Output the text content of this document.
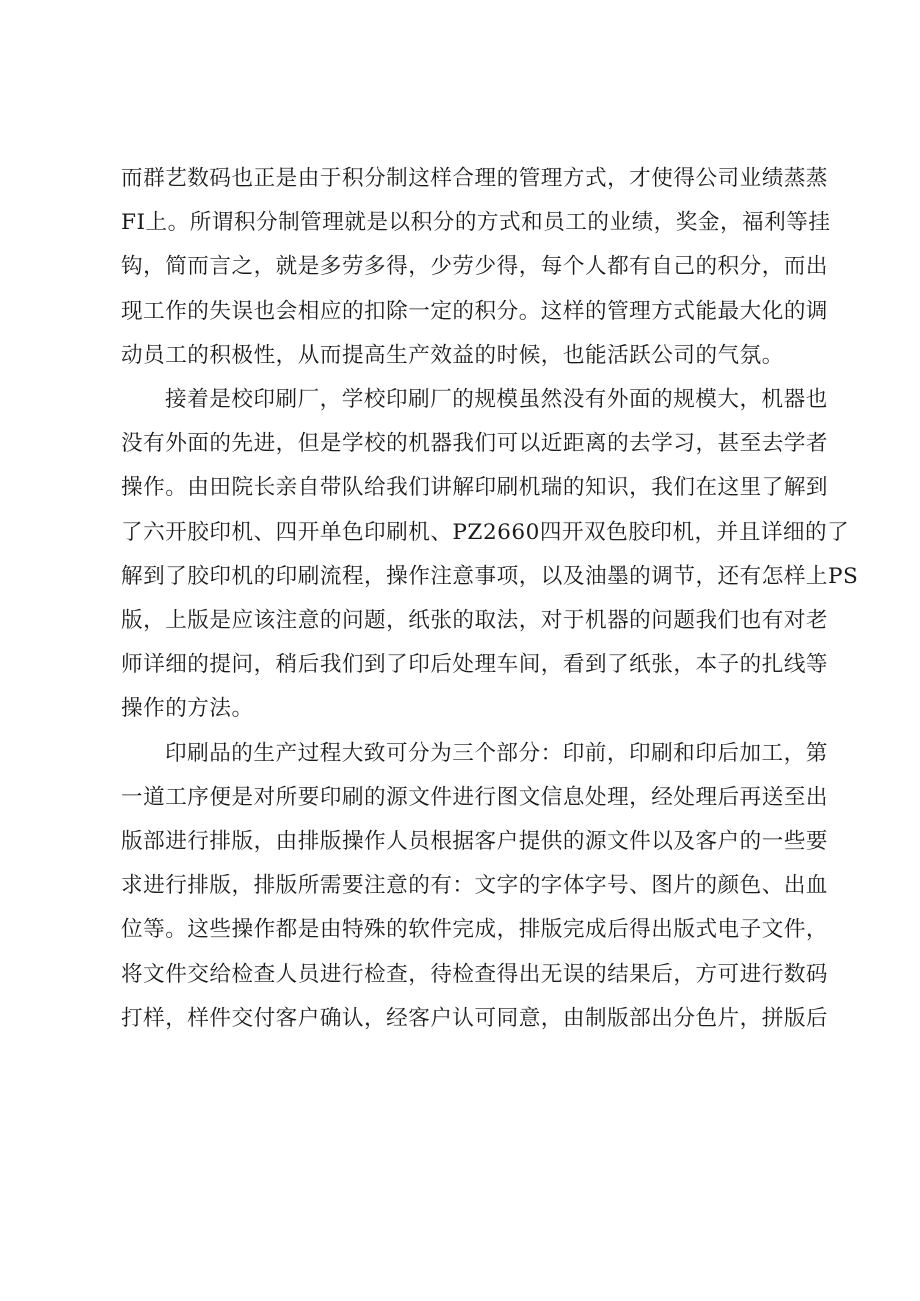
而群艺数码也正是由于积分制这样合理的管理方式，才使得公司业绩蒸蒸
FI上。所谓积分制管理就是以积分的方式和员工的业绩，奖金，福利等挂
钩，简而言之，就是多劳多得，少劳少得，每个人都有自己的积分，而出
现工作的失误也会相应的扣除一定的积分。这样的管理方式能最大化的调
动员工的积极性，从而提高生产效益的时候，也能活跃公司的气氛。

接着是校印刷厂，学校印刷厂的规模虽然没有外面的规模大，机器也
没有外面的先进，但是学校的机器我们可以近距离的去学习，甚至去学者
操作。由田院长亲自带队给我们讲解印刷机瑞的知识，我们在这里了解到
了六开胶印机、四开单色印刷机、PZ2660四开双色胶印机，并且详细的了
解到了胶印机的印刷流程，操作注意事项，以及油墨的调节，还有怎样上PS
版，上版是应该注意的问题，纸张的取法，对于机器的问题我们也有对老
师详细的提问，稍后我们到了印后处理车间，看到了纸张，本子的扎线等
操作的方法。

印刷品的生产过程大致可分为三个部分：印前，印刷和印后加工，第
一道工序便是对所要印刷的源文件进行图文信息处理，经处理后再送至出
版部进行排版，由排版操作人员根据客户提供的源文件以及客户的一些要
求进行排版，排版所需要注意的有：文字的字体字号、图片的颜色、出血
位等。这些操作都是由特殊的软件完成，排版完成后得出版式电子文件，
将文件交给检查人员进行检查，待检查得出无误的结果后，方可进行数码
打样，样件交付客户确认，经客户认可同意，由制版部出分色片，拼版后
